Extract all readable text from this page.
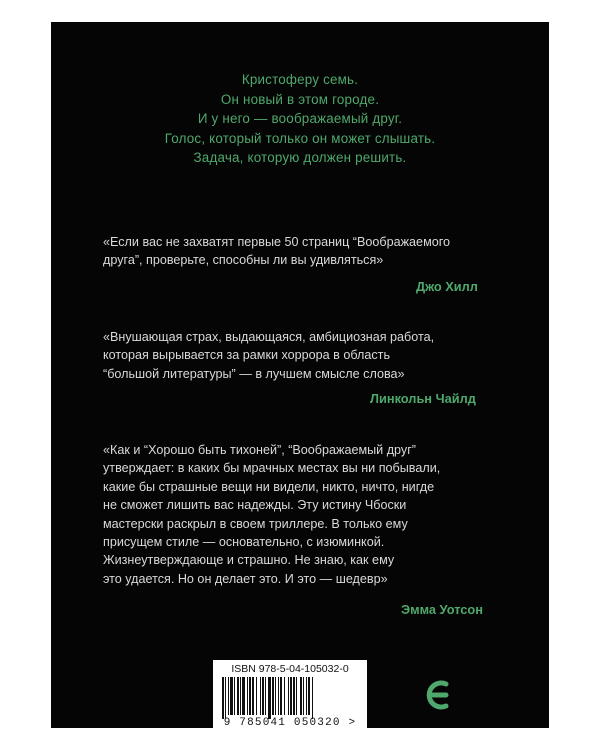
Кристоферу семь.
Он новый в этом городе.
И у него — воображаемый друг.
Голос, который только он может слышать.
Задача, которую должен решить.
«Если вас не захватят первые 50 страниц “Воображаемого
друга”, проверьте, способны ли вы удивляться»
Джо Хилл
«Внушающая страх, выдающаяся, амбициозная работа,
которая вырывается за рамки хоррора в область
“большой литературы” — в лучшем смысле слова»
Линкольн Чайлд
«Как и “Хорошо быть тихоней”, “Воображаемый друг”
утверждает: в каких бы мрачных местах вы ни побывали,
какие бы страшные вещи ни видели, никто, ничто, нигде
не сможет лишить вас надежды. Эту истину Чбоски
мастерски раскрыл в своем триллере. В только ему
присущем стиле — основательно, с изюминкой.
Жизнеутверждающе и страшно. Не знаю, как ему
это удается. Но он делает это. И это — шедевр»
Эмма Уотсон
ISBN 978-5-04-105032-0
9 785041 050320 >
